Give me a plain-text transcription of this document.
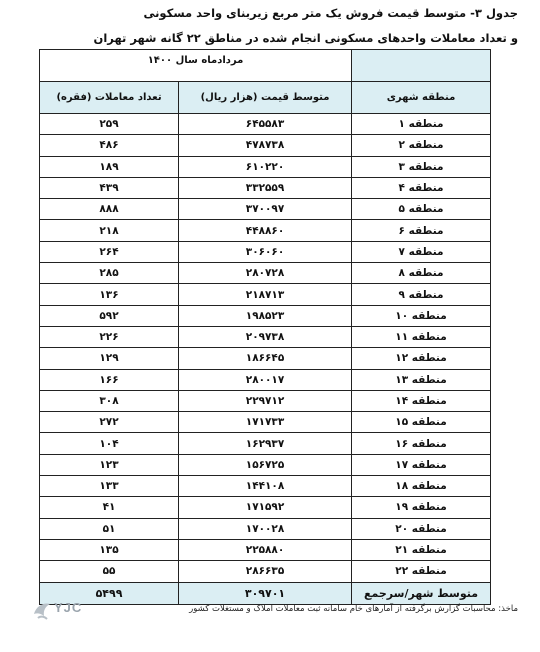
جدول ۳- متوسط قیمت فروش یک متر مربع زیربنای واحد مسکونی
و تعداد معاملات واحدهای مسکونی انجام شده در مناطق ۲۲ گانه شهر تهران
	مردادماه سال ۱۴۰۰	
منطقه شهری	متوسط قیمت (هزار ریال)	تعداد معاملات (فقره)
منطقه ۱	۶۴۵۵۸۳	۲۵۹
منطقه ۲	۴۷۸۷۳۸	۴۸۶
منطقه ۳	۶۱۰۲۲۰	۱۸۹
منطقه ۴	۳۳۲۵۵۹	۴۳۹
منطقه ۵	۳۷۰۰۹۷	۸۸۸
منطقه ۶	۴۴۸۸۶۰	۲۱۸
منطقه ۷	۳۰۶۰۶۰	۲۶۴
منطقه ۸	۲۸۰۷۲۸	۲۸۵
منطقه ۹	۲۱۸۷۱۳	۱۳۶
منطقه ۱۰	۱۹۸۵۲۳	۵۹۲
منطقه ۱۱	۲۰۹۷۳۸	۲۲۶
منطقه ۱۲	۱۸۶۶۴۵	۱۲۹
منطقه ۱۳	۲۸۰۰۱۷	۱۶۶
منطقه ۱۴	۲۲۹۷۱۲	۳۰۸
منطقه ۱۵	۱۷۱۷۳۳	۲۷۲
منطقه ۱۶	۱۶۲۹۳۷	۱۰۴
منطقه ۱۷	۱۵۶۷۲۵	۱۲۳
منطقه ۱۸	۱۴۴۱۰۸	۱۳۳
منطقه ۱۹	۱۷۱۵۹۲	۴۱
منطقه ۲۰	۱۷۰۰۲۸	۵۱
منطقه ۲۱	۲۲۵۸۸۰	۱۳۵
منطقه ۲۲	۲۸۶۶۳۵	۵۵
متوسط شهر/سرجمع	۳۰۹۷۰۱	۵۴۹۹
ماخذ: محاسبات گزارش برگرفته از آمارهای خام سامانه ثبت معاملات املاک و مستغلات کشور
YJC
